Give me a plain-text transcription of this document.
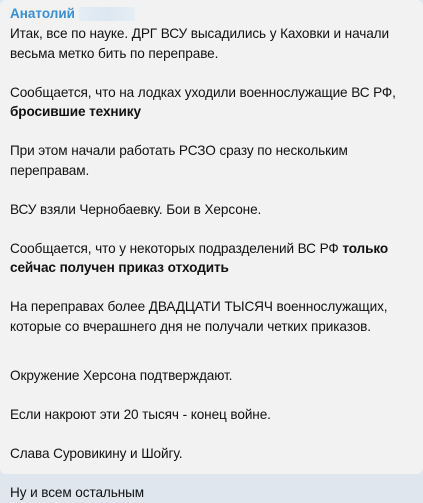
Анатолий

Итак, все по науке. ДРГ ВСУ высадились у Каховки и начали весьма метко бить по переправе.

Сообщается, что на лодках уходили военнослужащие ВС РФ, бросившие технику

При этом начали работать РСЗО сразу по нескольким переправам.

ВСУ взяли Чернобаевку. Бои в Херсоне.

Сообщается, что у некоторых подразделений ВС РФ только сейчас получен приказ отходить

На переправах более ДВАДЦАТИ ТЫСЯЧ военнослужащих, которые со вчерашнего дня не получали четких приказов.

Окружение Херсона подтверждают.

Если накроют эти 20 тысяч - конец войне.

Слава Суровикину и Шойгу.

Ну и всем остальным
